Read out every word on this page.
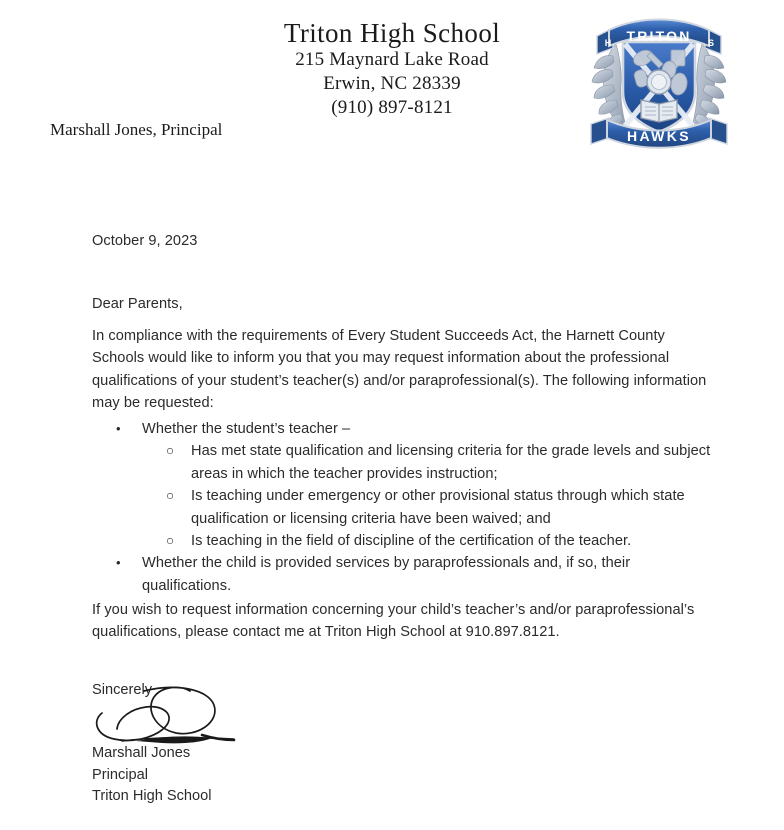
Triton High School
215 Maynard Lake Road
Erwin, NC 28339
(910) 897-8121
Marshall Jones, Principal
TRITON
H	S
HAWKS
October 9, 2023
Dear Parents,
In compliance with the requirements of Every Student Succeeds Act, the Harnett County Schools would like to inform you that you may request information about the professional qualifications of your student’s teacher(s) and/or paraprofessional(s). The following information may be requested:
• Whether the student’s teacher –
○ Has met state qualification and licensing criteria for the grade levels and subject areas in which the teacher provides instruction;
○ Is teaching under emergency or other provisional status through which state qualification or licensing criteria have been waived; and
○ Is teaching in the field of discipline of the certification of the teacher.
• Whether the child is provided services by paraprofessionals and, if so, their qualifications.
If you wish to request information concerning your child’s teacher’s and/or paraprofessional’s qualifications, please contact me at Triton High School at 910.897.8121.
Sincerely
Marshall Jones
Principal
Triton High School
